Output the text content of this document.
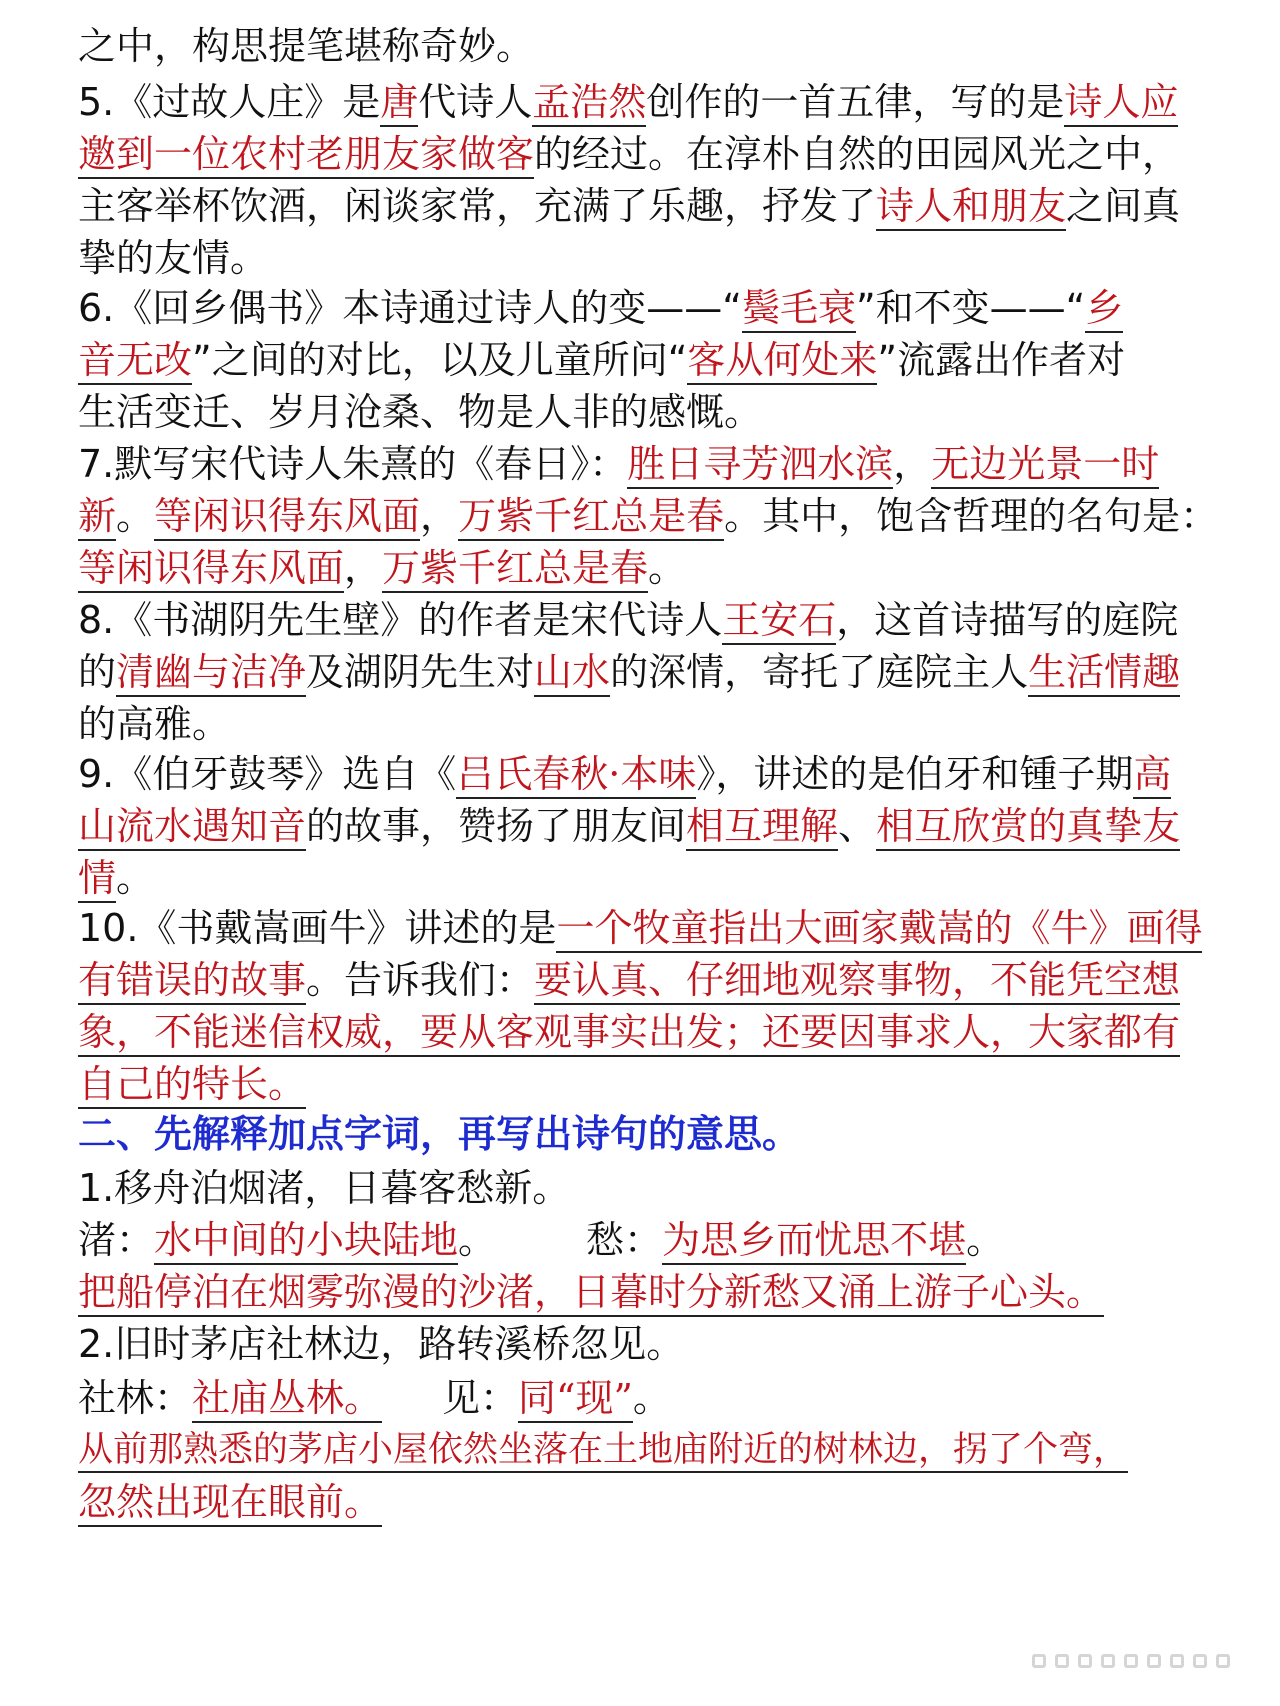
之中，构思提笔堪称奇妙。
5.《过故人庄》是唐代诗人孟浩然创作的一首五律，写的是诗人应
邀到一位农村老朋友家做客的经过。在淳朴自然的田园风光之中，
主客举杯饮酒，闲谈家常，充满了乐趣，抒发了诗人和朋友之间真
挚的友情。
6.《回乡偶书》本诗通过诗人的变——“鬓毛衰”和不变——“乡
音无改”之间的对比，以及儿童所问“客从何处来”流露出作者对
生活变迁、岁月沧桑、物是人非的感慨。
7.默写宋代诗人朱熹的《春日》：胜日寻芳泗水滨，无边光景一时
新。等闲识得东风面，万紫千红总是春。其中，饱含哲理的名句是：
等闲识得东风面，万紫千红总是春。
8.《书湖阴先生壁》的作者是宋代诗人王安石，这首诗描写的庭院
的清幽与洁净及湖阴先生对山水的深情，寄托了庭院主人生活情趣
的高雅。
9.《伯牙鼓琴》选自《吕氏春秋·本味》，讲述的是伯牙和锺子期高
山流水遇知音的故事，赞扬了朋友间相互理解、相互欣赏的真挚友
情。
10.《书戴嵩画牛》讲述的是一个牧童指出大画家戴嵩的《牛》画得
有错误的故事。告诉我们：要认真、仔细地观察事物，不能凭空想
象，不能迷信权威，要从客观事实出发；还要因事求人，大家都有
自己的特长。
二、先解释加点字词，再写出诗句的意思。
1.移舟泊烟渚，日暮客愁新。
渚：水中间的小块陆地。 愁：为思乡而忧思不堪。
把船停泊在烟雾弥漫的沙渚，日暮时分新愁又涌上游子心头。
2.旧时茅店社林边，路转溪桥忽见。
社林：社庙丛林。 见：同“现”。
从前那熟悉的茅店小屋依然坐落在土地庙附近的树林边，拐了个弯，
忽然出现在眼前。
